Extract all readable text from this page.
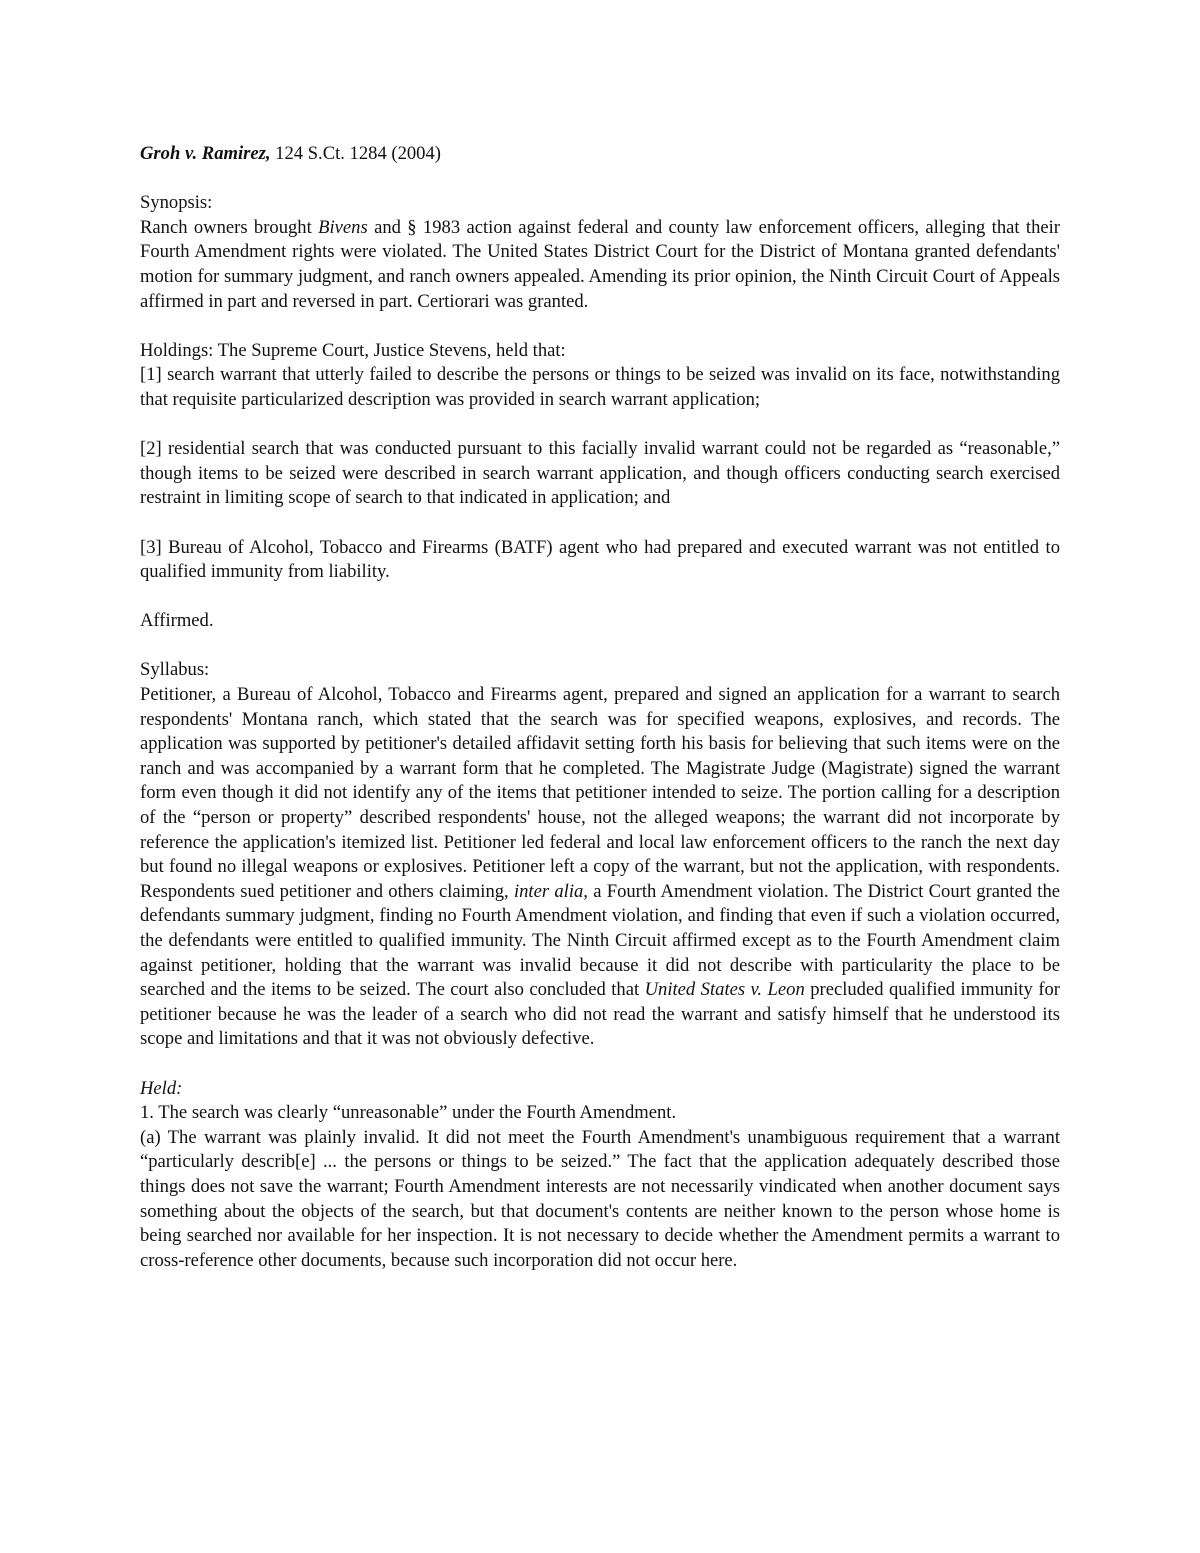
Groh v. Ramirez, 124 S.Ct. 1284 (2004)

Synopsis:

Ranch owners brought Bivens and § 1983 action against federal and county law enforcement officers, alleging that their Fourth Amendment rights were violated. The United States District Court for the District of Montana granted defendants' motion for summary judgment, and ranch owners appealed. Amending its prior opinion, the Ninth Circuit Court of Appeals affirmed in part and reversed in part. Certiorari was granted.

Holdings: The Supreme Court, Justice Stevens, held that:

[1] search warrant that utterly failed to describe the persons or things to be seized was invalid on its face, notwithstanding that requisite particularized description was provided in search warrant application;

[2] residential search that was conducted pursuant to this facially invalid warrant could not be regarded as “reasonable,” though items to be seized were described in search warrant application, and though officers conducting search exercised restraint in limiting scope of search to that indicated in application; and

[3] Bureau of Alcohol, Tobacco and Firearms (BATF) agent who had prepared and executed warrant was not entitled to qualified immunity from liability.

Affirmed.

Syllabus:

Petitioner, a Bureau of Alcohol, Tobacco and Firearms agent, prepared and signed an application for a warrant to search respondents' Montana ranch, which stated that the search was for specified weapons, explosives, and records. The application was supported by petitioner's detailed affidavit setting forth his basis for believing that such items were on the ranch and was accompanied by a warrant form that he completed. The Magistrate Judge (Magistrate) signed the warrant form even though it did not identify any of the items that petitioner intended to seize. The portion calling for a description of the “person or property” described respondents' house, not the alleged weapons; the warrant did not incorporate by reference the application's itemized list. Petitioner led federal and local law enforcement officers to the ranch the next day but found no illegal weapons or explosives. Petitioner left a copy of the warrant, but not the application, with respondents. Respondents sued petitioner and others claiming, inter alia, a Fourth Amendment violation. The District Court granted the defendants summary judgment, finding no Fourth Amendment violation, and finding that even if such a violation occurred, the defendants were entitled to qualified immunity. The Ninth Circuit affirmed except as to the Fourth Amendment claim against petitioner, holding that the warrant was invalid because it did not describe with particularity the place to be searched and the items to be seized. The court also concluded that United States v. Leon precluded qualified immunity for petitioner because he was the leader of a search who did not read the warrant and satisfy himself that he understood its scope and limitations and that it was not obviously defective.

Held:

1. The search was clearly “unreasonable” under the Fourth Amendment.

(a) The warrant was plainly invalid. It did not meet the Fourth Amendment's unambiguous requirement that a warrant “particularly describ[e] ... the persons or things to be seized.” The fact that the application adequately described those things does not save the warrant; Fourth Amendment interests are not necessarily vindicated when another document says something about the objects of the search, but that document's contents are neither known to the person whose home is being searched nor available for her inspection. It is not necessary to decide whether the Amendment permits a warrant to cross-reference other documents, because such incorporation did not occur here.
